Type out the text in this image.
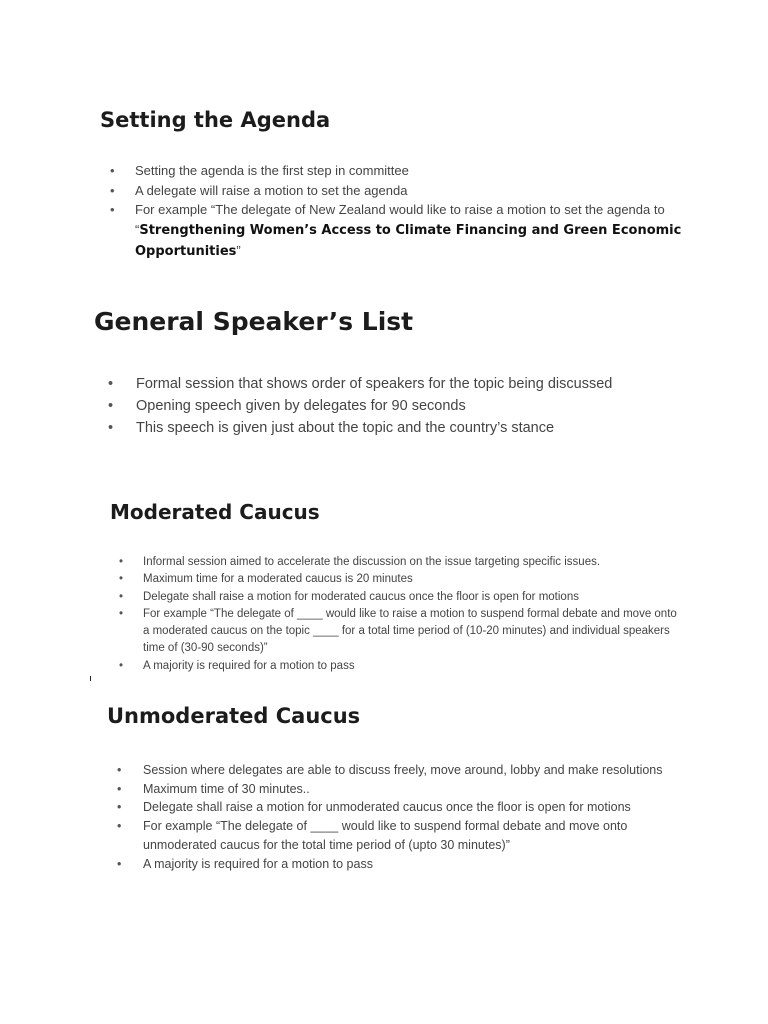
Setting the Agenda
• Setting the agenda is the first step in committee
• A delegate will raise a motion to set the agenda
• For example “The delegate of New Zealand would like to raise a motion to set the agenda to “Strengthening Women’s Access to Climate Financing and Green Economic Opportunities”
General Speaker’s List
• Formal session that shows order of speakers for the topic being discussed
• Opening speech given by delegates for 90 seconds
• This speech is given just about the topic and the country’s stance
Moderated Caucus
• Informal session aimed to accelerate the discussion on the issue targeting specific issues.
• Maximum time for a moderated caucus is 20 minutes
• Delegate shall raise a motion for moderated caucus once the floor is open for motions
• For example “The delegate of ____ would like to raise a motion to suspend formal debate and move onto a moderated caucus on the topic ____ for a total time period of (10-20 minutes) and individual speakers time of (30-90 seconds)”
• A majority is required for a motion to pass
Unmoderated Caucus
• Session where delegates are able to discuss freely, move around, lobby and make resolutions
• Maximum time of 30 minutes..
• Delegate shall raise a motion for unmoderated caucus once the floor is open for motions
• For example “The delegate of ____ would like to suspend formal debate and move onto unmoderated caucus for the total time period of (upto 30 minutes)”
• A majority is required for a motion to pass
